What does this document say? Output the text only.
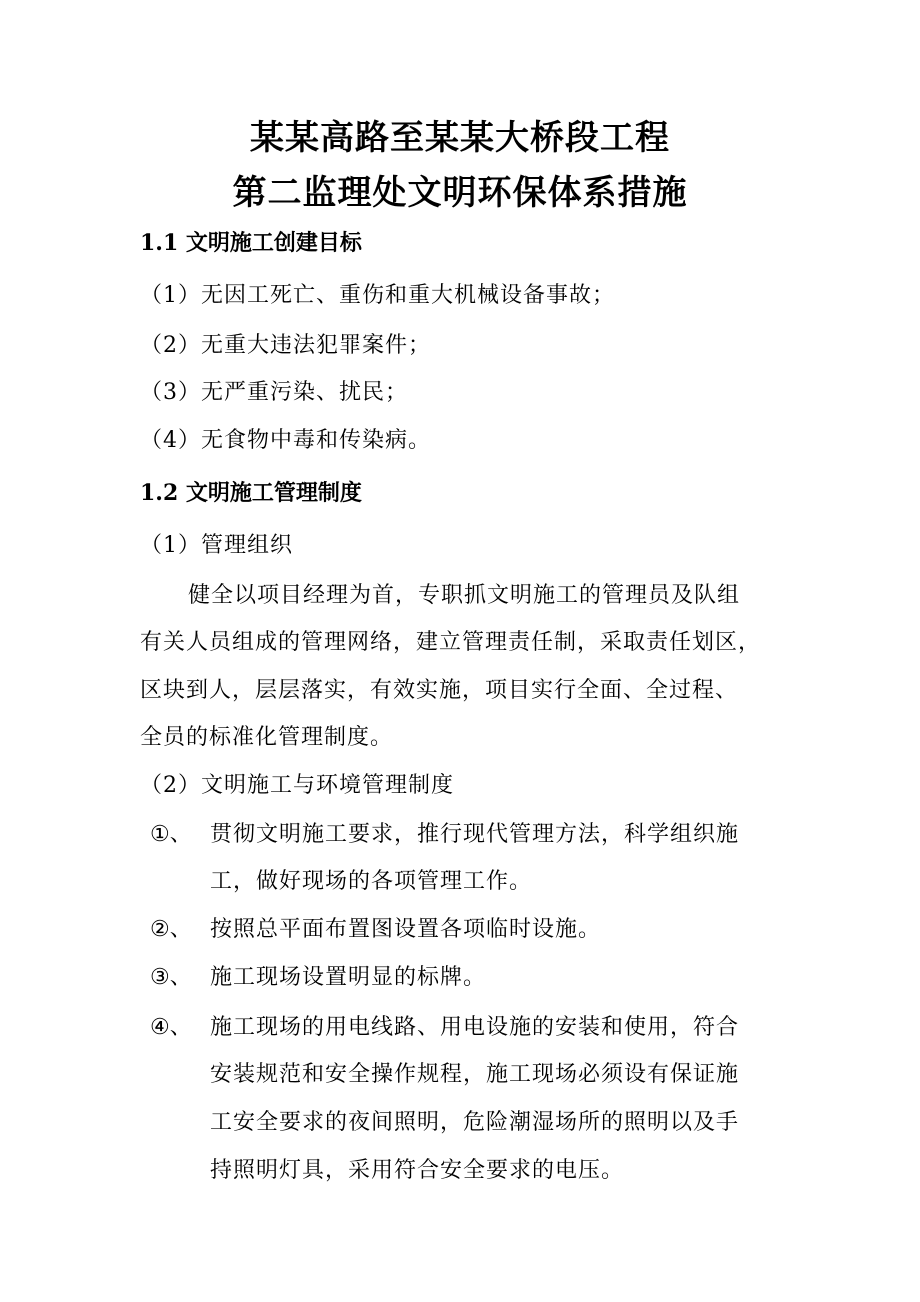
某某高路至某某大桥段工程
第二监理处文明环保体系措施
1.1 文明施工创建目标
（1）无因工死亡、重伤和重大机械设备事故；
（2）无重大违法犯罪案件；
（3）无严重污染、扰民；
（4）无食物中毒和传染病。
1.2 文明施工管理制度
（1）管理组织
健全以项目经理为首，专职抓文明施工的管理员及队组
有关人员组成的管理网络，建立管理责任制，采取责任划区，
区块到人，层层落实，有效实施，项目实行全面、全过程、
全员的标准化管理制度。
（2）文明施工与环境管理制度
①、 贯彻文明施工要求，推行现代管理方法，科学组织施
工，做好现场的各项管理工作。
②、 按照总平面布置图设置各项临时设施。
③、 施工现场设置明显的标牌。
④、 施工现场的用电线路、用电设施的安装和使用，符合
安装规范和安全操作规程，施工现场必须设有保证施
工安全要求的夜间照明，危险潮湿场所的照明以及手
持照明灯具，采用符合安全要求的电压。
